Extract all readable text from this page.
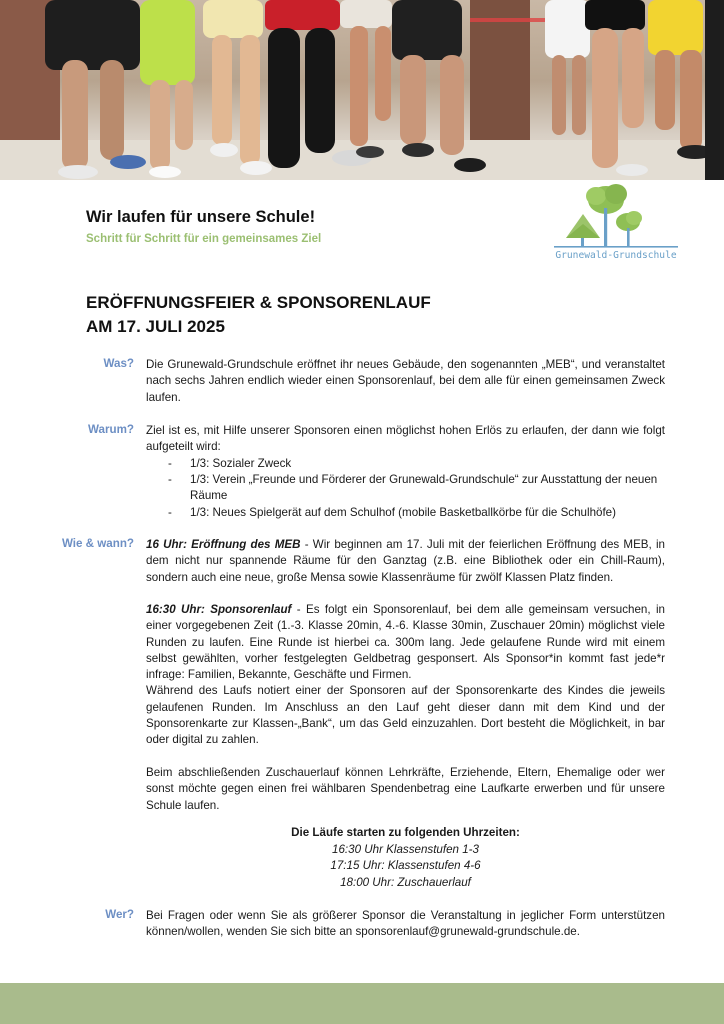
Wir laufen für unsere Schule!
Schritt für Schritt für ein gemeinsames Ziel
Grunewald-Grundschule
ERÖFFNUNGSFEIER & SPONSORENLAUF
AM 17. JULI 2025
Was? Die Grunewald-Grundschule eröffnet ihr neues Gebäude, den sogenannten „MEB“, und veranstaltet nach sechs Jahren endlich wieder einen Sponsorenlauf, bei dem alle für einen gemeinsamen Zweck laufen.

Warum? Ziel ist es, mit Hilfe unserer Sponsoren einen möglichst hohen Erlös zu erlaufen, der dann wie folgt aufgeteilt wird:

- 1/3: Sozialer Zweck
- 1/3: Verein „Freunde und Förderer der Grunewald-Grundschule“ zur Ausstattung der neuen Räume
- 1/3: Neues Spielgerät auf dem Schulhof (mobile Basketballkörbe für die Schulhöfe)
Wie & wann? 16 Uhr: Eröffnung des MEB - Wir beginnen am 17. Juli mit der feierlichen Eröffnung des MEB, in dem nicht nur spannende Räume für den Ganztag (z.B. eine Bibliothek oder ein Chill-Raum), sondern auch eine neue, große Mensa sowie Klassenräume für zwölf Klassen Platz finden.

16:30 Uhr: Sponsorenlauf - Es folgt ein Sponsorenlauf, bei dem alle gemeinsam versuchen, in einer vorgegebenen Zeit (1.-3. Klasse 20min, 4.-6. Klasse 30min, Zuschauer 20min) möglichst viele Runden zu laufen. Eine Runde ist hierbei ca. 300m lang. Jede gelaufene Runde wird mit einem selbst gewählten, vorher festgelegten Geldbetrag gesponsert. Als Sponsor*in kommt fast jede*r infrage: Familien, Bekannte, Geschäfte und Firmen.

Während des Laufs notiert einer der Sponsoren auf der Sponsorenkarte des Kindes die jeweils gelaufenen Runden. Im Anschluss an den Lauf geht dieser dann mit dem Kind und der Sponsorenkarte zur Klassen-„Bank“, um das Geld einzuzahlen. Dort besteht die Möglichkeit, in bar oder digital zu zahlen.

Beim abschließenden Zuschauerlauf können Lehrkräfte, Erziehende, Eltern, Ehemalige oder wer sonst möchte gegen einen frei wählbaren Spendenbetrag eine Laufkarte erwerben und für unsere Schule laufen.

Die Läufe starten zu folgenden Uhrzeiten:
16:30 Uhr Klassenstufen 1-3
17:15 Uhr: Klassenstufen 4-6
18:00 Uhr: Zuschauerlauf
Wer? Bei Fragen oder wenn Sie als größerer Sponsor die Veranstaltung in jeglicher Form unterstützen können/wollen, wenden Sie sich bitte an sponsorenlauf@grunewald-grundschule.de.
